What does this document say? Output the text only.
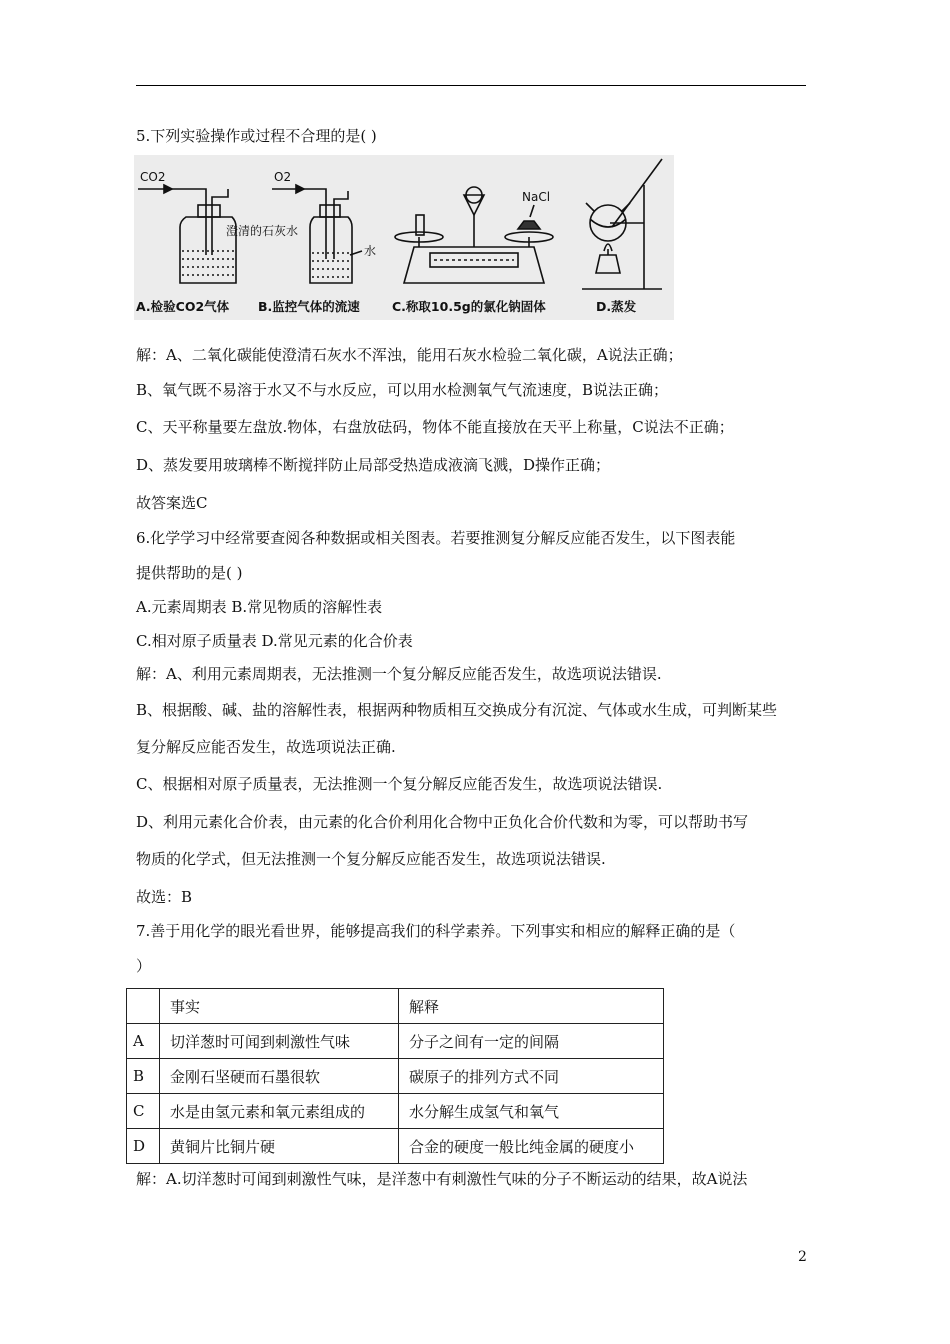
5.下列实验操作或过程不合理的是( )
CO2
澄清的石灰水
O2
水
NaCl
A.检验CO2气体 B.监控气体的流速	C.称取10.5g的氯化钠固体	D.蒸发
解：A、二氧化碳能使澄清石灰水不浑浊，能用石灰水检验二氧化碳，A说法正确；
B、氧气既不易溶于水又不与水反应，可以用水检测氧气气流速度，B说法正确；
C、天平称量要左盘放.物体，右盘放砝码，物体不能直接放在天平上称量，C说法不正确；
D、蒸发要用玻璃棒不断搅拌防止局部受热造成液滴飞溅，D操作正确；
故答案选C
6.化学学习中经常要查阅各种数据或相关图表。若要推测复分解反应能否发生，以下图表能
提供帮助的是( )
A.元素周期表 B.常见物质的溶解性表
C.相对原子质量表 D.常见元素的化合价表
解：A、利用元素周期表，无法推测一个复分解反应能否发生，故选项说法错误.
B、根据酸、碱、盐的溶解性表，根据两种物质相互交换成分有沉淀、气体或水生成，可判断某些
复分解反应能否发生，故选项说法正确.
C、根据相对原子质量表，无法推测一个复分解反应能否发生，故选项说法错误.
D、利用元素化合价表，由元素的化合价利用化合物中正负化合价代数和为零，可以帮助书写
物质的化学式，但无法推测一个复分解反应能否发生，故选项说法错误.
故选：B
7.善于用化学的眼光看世界，能够提高我们的科学素养。下列事实和相应的解释正确的是（
）
	事实	解释
A	切洋葱时可闻到刺激性气味	分子之间有一定的间隔
B	金刚石坚硬而石墨很软	碳原子的排列方式不同
C	水是由氢元素和氧元素组成的	水分解生成氢气和氧气
D	黄铜片比铜片硬	合金的硬度一般比纯金属的硬度小
解：A.切洋葱时可闻到刺激性气味，是洋葱中有刺激性气味的分子不断运动的结果，故A说法
2
